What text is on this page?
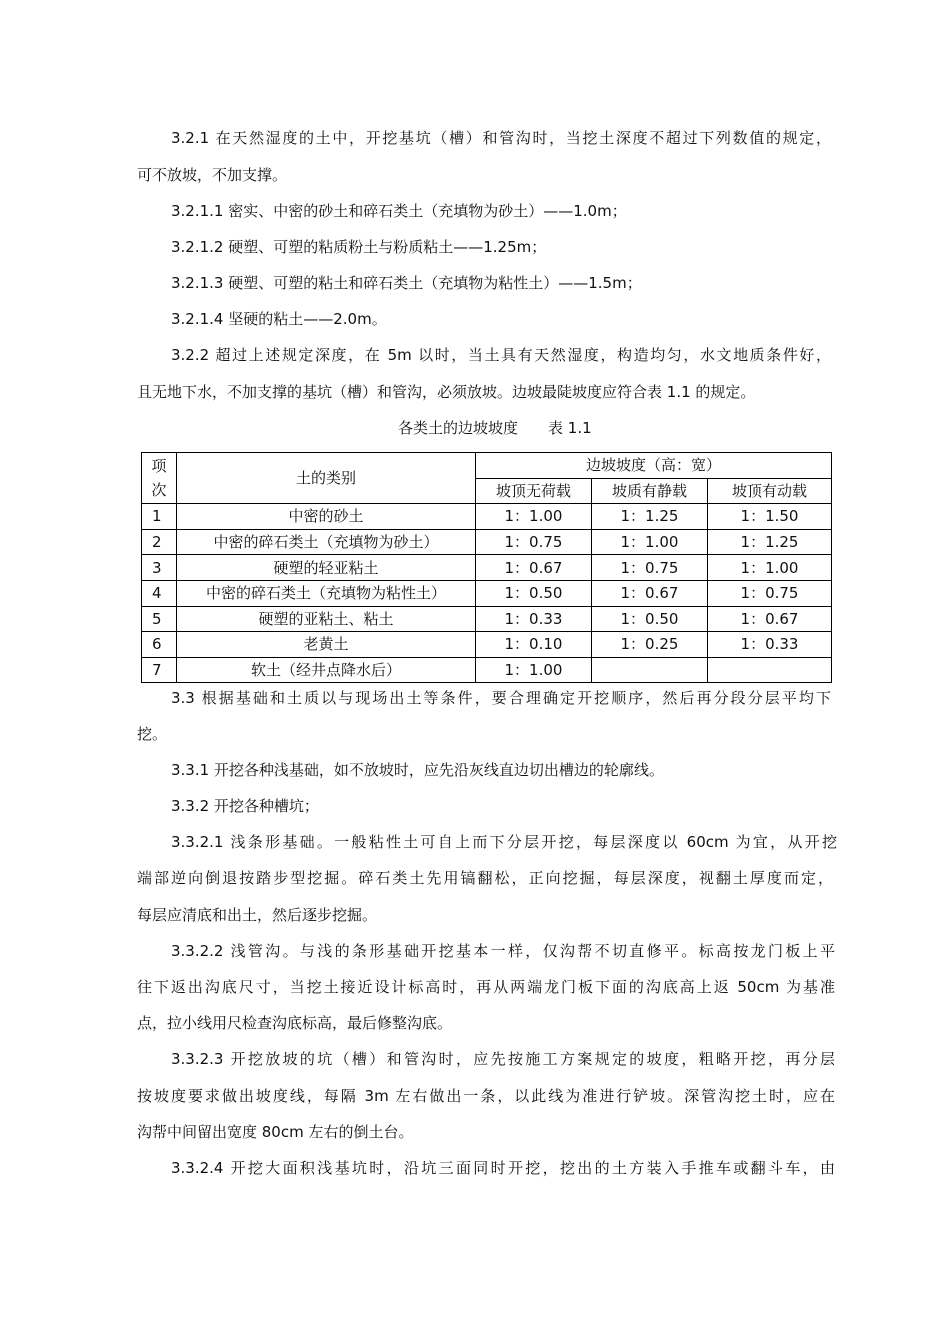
3.2.1 在天然湿度的土中，开挖基坑（槽）和管沟时，当挖土深度不超过下列数值的规定，
可不放坡，不加支撑。
3.2.1.1 密实、中密的砂土和碎石类土（充填物为砂土）——1.0m；
3.2.1.2 硬塑、可塑的粘质粉土与粉质粘土——1.25m；
3.2.1.3 硬塑、可塑的粘土和碎石类土（充填物为粘性土）——1.5m；
3.2.1.4 坚硬的粘土——2.0m。
3.2.2 超过上述规定深度，在 5m 以时，当土具有天然湿度，构造均匀，水文地质条件好，
且无地下水，不加支撑的基坑（槽）和管沟，必须放坡。边坡最陡坡度应符合表 1.1 的规定。
各类土的边坡坡度　　表 1.1
项次	土的类别	边坡坡度（高：宽）		
		坡顶无荷载	坡质有静载	坡顶有动载
1	中密的砂土	1：1.00	1：1.25	1：1.50
2	中密的碎石类土（充填物为砂土）	1：0.75	1：1.00	1：1.25
3	硬塑的轻亚粘土	1：0.67	1：0.75	1：1.00
4	中密的碎石类土（充填物为粘性土）	1：0.50	1：0.67	1：0.75
5	硬塑的亚粘土、粘土	1：0.33	1：0.50	1：0.67
6	老黄土	1：0.10	1：0.25	1：0.33
7	软土（经井点降水后）	1：1.00		
3.3 根据基础和土质以与现场出土等条件，要合理确定开挖顺序，然后再分段分层平均下
挖。
3.3.1 开挖各种浅基础，如不放坡时，应先沿灰线直边切出槽边的轮廓线。
3.3.2 开挖各种槽坑；
3.3.2.1 浅条形基础。一般粘性土可自上而下分层开挖，每层深度以 60cm 为宜，从开挖
端部逆向倒退按踏步型挖掘。碎石类土先用镐翻松，正向挖掘，每层深度，视翻土厚度而定，
每层应清底和出土，然后逐步挖掘。
3.3.2.2 浅管沟。与浅的条形基础开挖基本一样，仅沟帮不切直修平。标高按龙门板上平
往下返出沟底尺寸，当挖土接近设计标高时，再从两端龙门板下面的沟底高上返 50cm 为基准
点，拉小线用尺检查沟底标高，最后修整沟底。
3.3.2.3 开挖放坡的坑（槽）和管沟时，应先按施工方案规定的坡度，粗略开挖，再分层
按坡度要求做出坡度线，每隔 3m 左右做出一条，以此线为准进行铲坡。深管沟挖土时，应在
沟帮中间留出宽度 80cm 左右的倒土台。
3.3.2.4 开挖大面积浅基坑时，沿坑三面同时开挖，挖出的土方装入手推车或翻斗车，由
